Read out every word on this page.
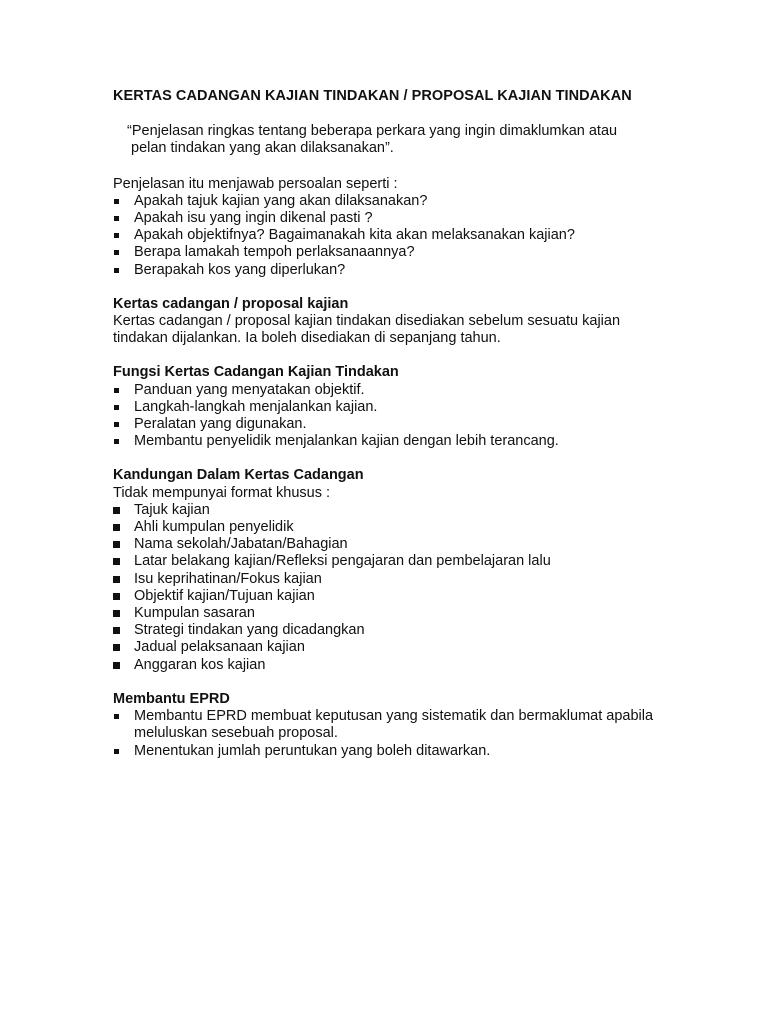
KERTAS CADANGAN KAJIAN TINDAKAN / PROPOSAL KAJIAN TINDAKAN
“Penjelasan ringkas tentang beberapa perkara yang ingin dimaklumkan atau
pelan tindakan yang akan dilaksanakan”.

Penjelasan itu menjawab persoalan seperti :

Apakah tajuk kajian yang akan dilaksanakan?
Apakah isu yang ingin dikenal pasti ?
Apakah objektifnya? Bagaimanakah kita akan melaksanakan kajian?
Berapa lamakah tempoh perlaksanaannya?
Berapakah kos yang diperlukan?

Kertas cadangan / proposal kajian

Kertas cadangan / proposal kajian tindakan disediakan sebelum sesuatu kajian

tindakan dijalankan. Ia boleh disediakan di sepanjang tahun.

Fungsi Kertas Cadangan Kajian Tindakan

Panduan yang menyatakan objektif.
Langkah-langkah menjalankan kajian.
Peralatan yang digunakan.
Membantu penyelidik menjalankan kajian dengan lebih terancang.

Kandungan Dalam Kertas Cadangan

Tidak mempunyai format khusus :

Tajuk kajian
Ahli kumpulan penyelidik
Nama sekolah/Jabatan/Bahagian
Latar belakang kajian/Refleksi pengajaran dan pembelajaran lalu
Isu keprihatinan/Fokus kajian
Objektif kajian/Tujuan kajian
Kumpulan sasaran
Strategi tindakan yang dicadangkan
Jadual pelaksanaan kajian
Anggaran kos kajian

Membantu EPRD

Membantu EPRD membuat keputusan yang sistematik dan bermaklumat apabila
meluluskan sesebuah proposal.
Menentukan jumlah peruntukan yang boleh ditawarkan.
